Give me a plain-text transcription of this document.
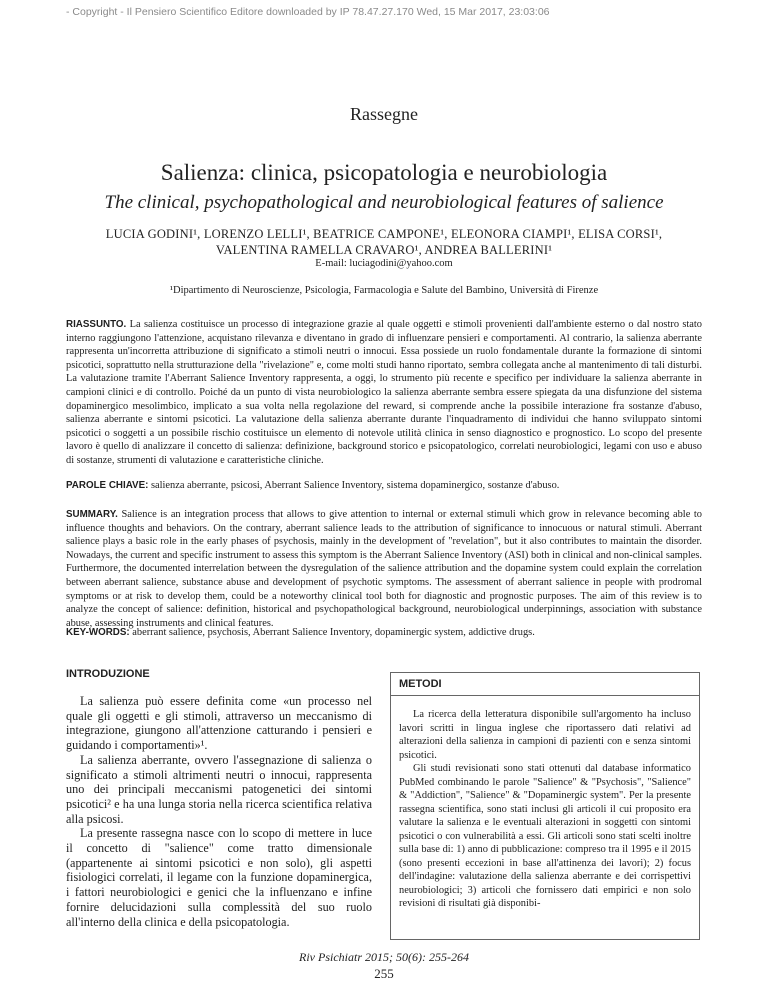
- Copyright - Il Pensiero Scientifico Editore downloaded by IP 78.47.27.170 Wed, 15 Mar 2017, 23:03:06
Rassegne
Salienza: clinica, psicopatologia e neurobiologia
The clinical, psychopathological and neurobiological features of salience
LUCIA GODINI¹, LORENZO LELLI¹, BEATRICE CAMPONE¹, ELEONORA CIAMPI¹, ELISA CORSI¹,
VALENTINA RAMELLA CRAVARO¹, ANDREA BALLERINI¹
E-mail: luciagodini@yahoo.com
¹Dipartimento di Neuroscienze, Psicologia, Farmacologia e Salute del Bambino, Università di Firenze
RIASSUNTO. La salienza costituisce un processo di integrazione grazie al quale oggetti e stimoli provenienti dall'ambiente esterno o dal nostro stato interno raggiungono l'attenzione, acquistano rilevanza e diventano in grado di influenzare pensieri e comportamenti. Al contrario, la salienza aberrante rappresenta un'incorretta attribuzione di significato a stimoli neutri o innocui. Essa possiede un ruolo fondamentale durante la formazione di sintomi psicotici, soprattutto nella strutturazione della "rivelazione" e, come molti studi hanno riportato, sembra collegata anche al mantenimento di tali disturbi. La valutazione tramite l'Aberrant Salience Inventory rappresenta, a oggi, lo strumento più recente e specifico per individuare la salienza aberrante in campioni clinici e di controllo. Poiché da un punto di vista neurobiologico la salienza aberrante sembra essere spiegata da una disfunzione del sistema dopaminergico mesolimbico, implicato a sua volta nella regolazione del reward, si comprende anche la possibile interazione fra sostanze d'abuso, salienza aberrante e sintomi psicotici. La valutazione della salienza aberrante durante l'inquadramento di individui che hanno sviluppato sintomi psicotici o soggetti a un possibile rischio costituisce un elemento di notevole utilità clinica in senso diagnostico e prognostico. Lo scopo del presente lavoro è quello di analizzare il concetto di salienza: definizione, background storico e psicopatologico, correlati neurobiologici, legami con uso e abuso di sostanze, strumenti di valutazione e caratteristiche cliniche.
PAROLE CHIAVE: salienza aberrante, psicosi, Aberrant Salience Inventory, sistema dopaminergico, sostanze d'abuso.
SUMMARY. Salience is an integration process that allows to give attention to internal or external stimuli which grow in relevance becoming able to influence thoughts and behaviors. On the contrary, aberrant salience leads to the attribution of significance to innocuous or natural stimuli. Aberrant salience plays a basic role in the early phases of psychosis, mainly in the development of "revelation", but it also contributes to maintain the disorder. Nowadays, the current and specific instrument to assess this symptom is the Aberrant Salience Inventory (ASI) both in clinical and non-clinical samples. Furthermore, the documented interrelation between the dysregulation of the salience attribution and the dopamine system could explain the correlation between aberrant salience, substance abuse and development of psychotic symptoms. The assessment of aberrant salience in people with prodromal symptoms or at risk to develop them, could be a noteworthy clinical tool both for diagnostic and prognostic purposes. The aim of this review is to analyze the concept of salience: definition, historical and psychopathological background, neurobiological underpinnings, association with substance abuse, assessing instruments and clinical features.
KEY-WORDS: aberrant salience, psychosis, Aberrant Salience Inventory, dopaminergic system, addictive drugs.
INTRODUZIONE

La salienza può essere definita come «un processo nel quale gli oggetti e gli stimoli, attraverso un meccanismo di integrazione, giungono all'attenzione catturando i pensieri e guidando i comportamenti»¹.

La salienza aberrante, ovvero l'assegnazione di salienza o significato a stimoli altrimenti neutri o innocui, rappresenta uno dei principali meccanismi patogenetici dei sintomi psicotici² e ha una lunga storia nella ricerca scientifica relativa alla psicosi.

La presente rassegna nasce con lo scopo di mettere in luce il concetto di "salience" come tratto dimensionale (appartenente ai sintomi psicotici e non solo), gli aspetti fisiologici correlati, il legame con la funzione dopaminergica, i fattori neurobiologici e genici che la influenzano e infine fornire delucidazioni sulla complessità del suo ruolo all'interno della clinica e della psicopatologia.

METODI

La ricerca della letteratura disponibile sull'argomento ha incluso lavori scritti in lingua inglese che riportassero dati relativi ad alterazioni della salienza in campioni di pazienti con e senza sintomi psicotici.

Gli studi revisionati sono stati ottenuti dal database informatico PubMed combinando le parole "Salience" & "Psychosis", "Salience" & "Addiction", "Salience" & "Dopaminergic system". Per la presente rassegna scientifica, sono stati inclusi gli articoli il cui proposito era valutare la salienza e le eventuali alterazioni in soggetti con sintomi psicotici o con vulnerabilità a essi. Gli articoli sono stati scelti inoltre sulla base di: 1) anno di pubblicazione: compreso tra il 1995 e il 2015 (sono presenti eccezioni in base all'attinenza dei lavori); 2) focus dell'indagine: valutazione della salienza aberrante e dei corrispettivi neurobiologici; 3) articoli che fornissero dati empirici e non solo revisioni di risultati già disponibi-

Riv Psichiatr 2015; 50(6): 255-264
255
